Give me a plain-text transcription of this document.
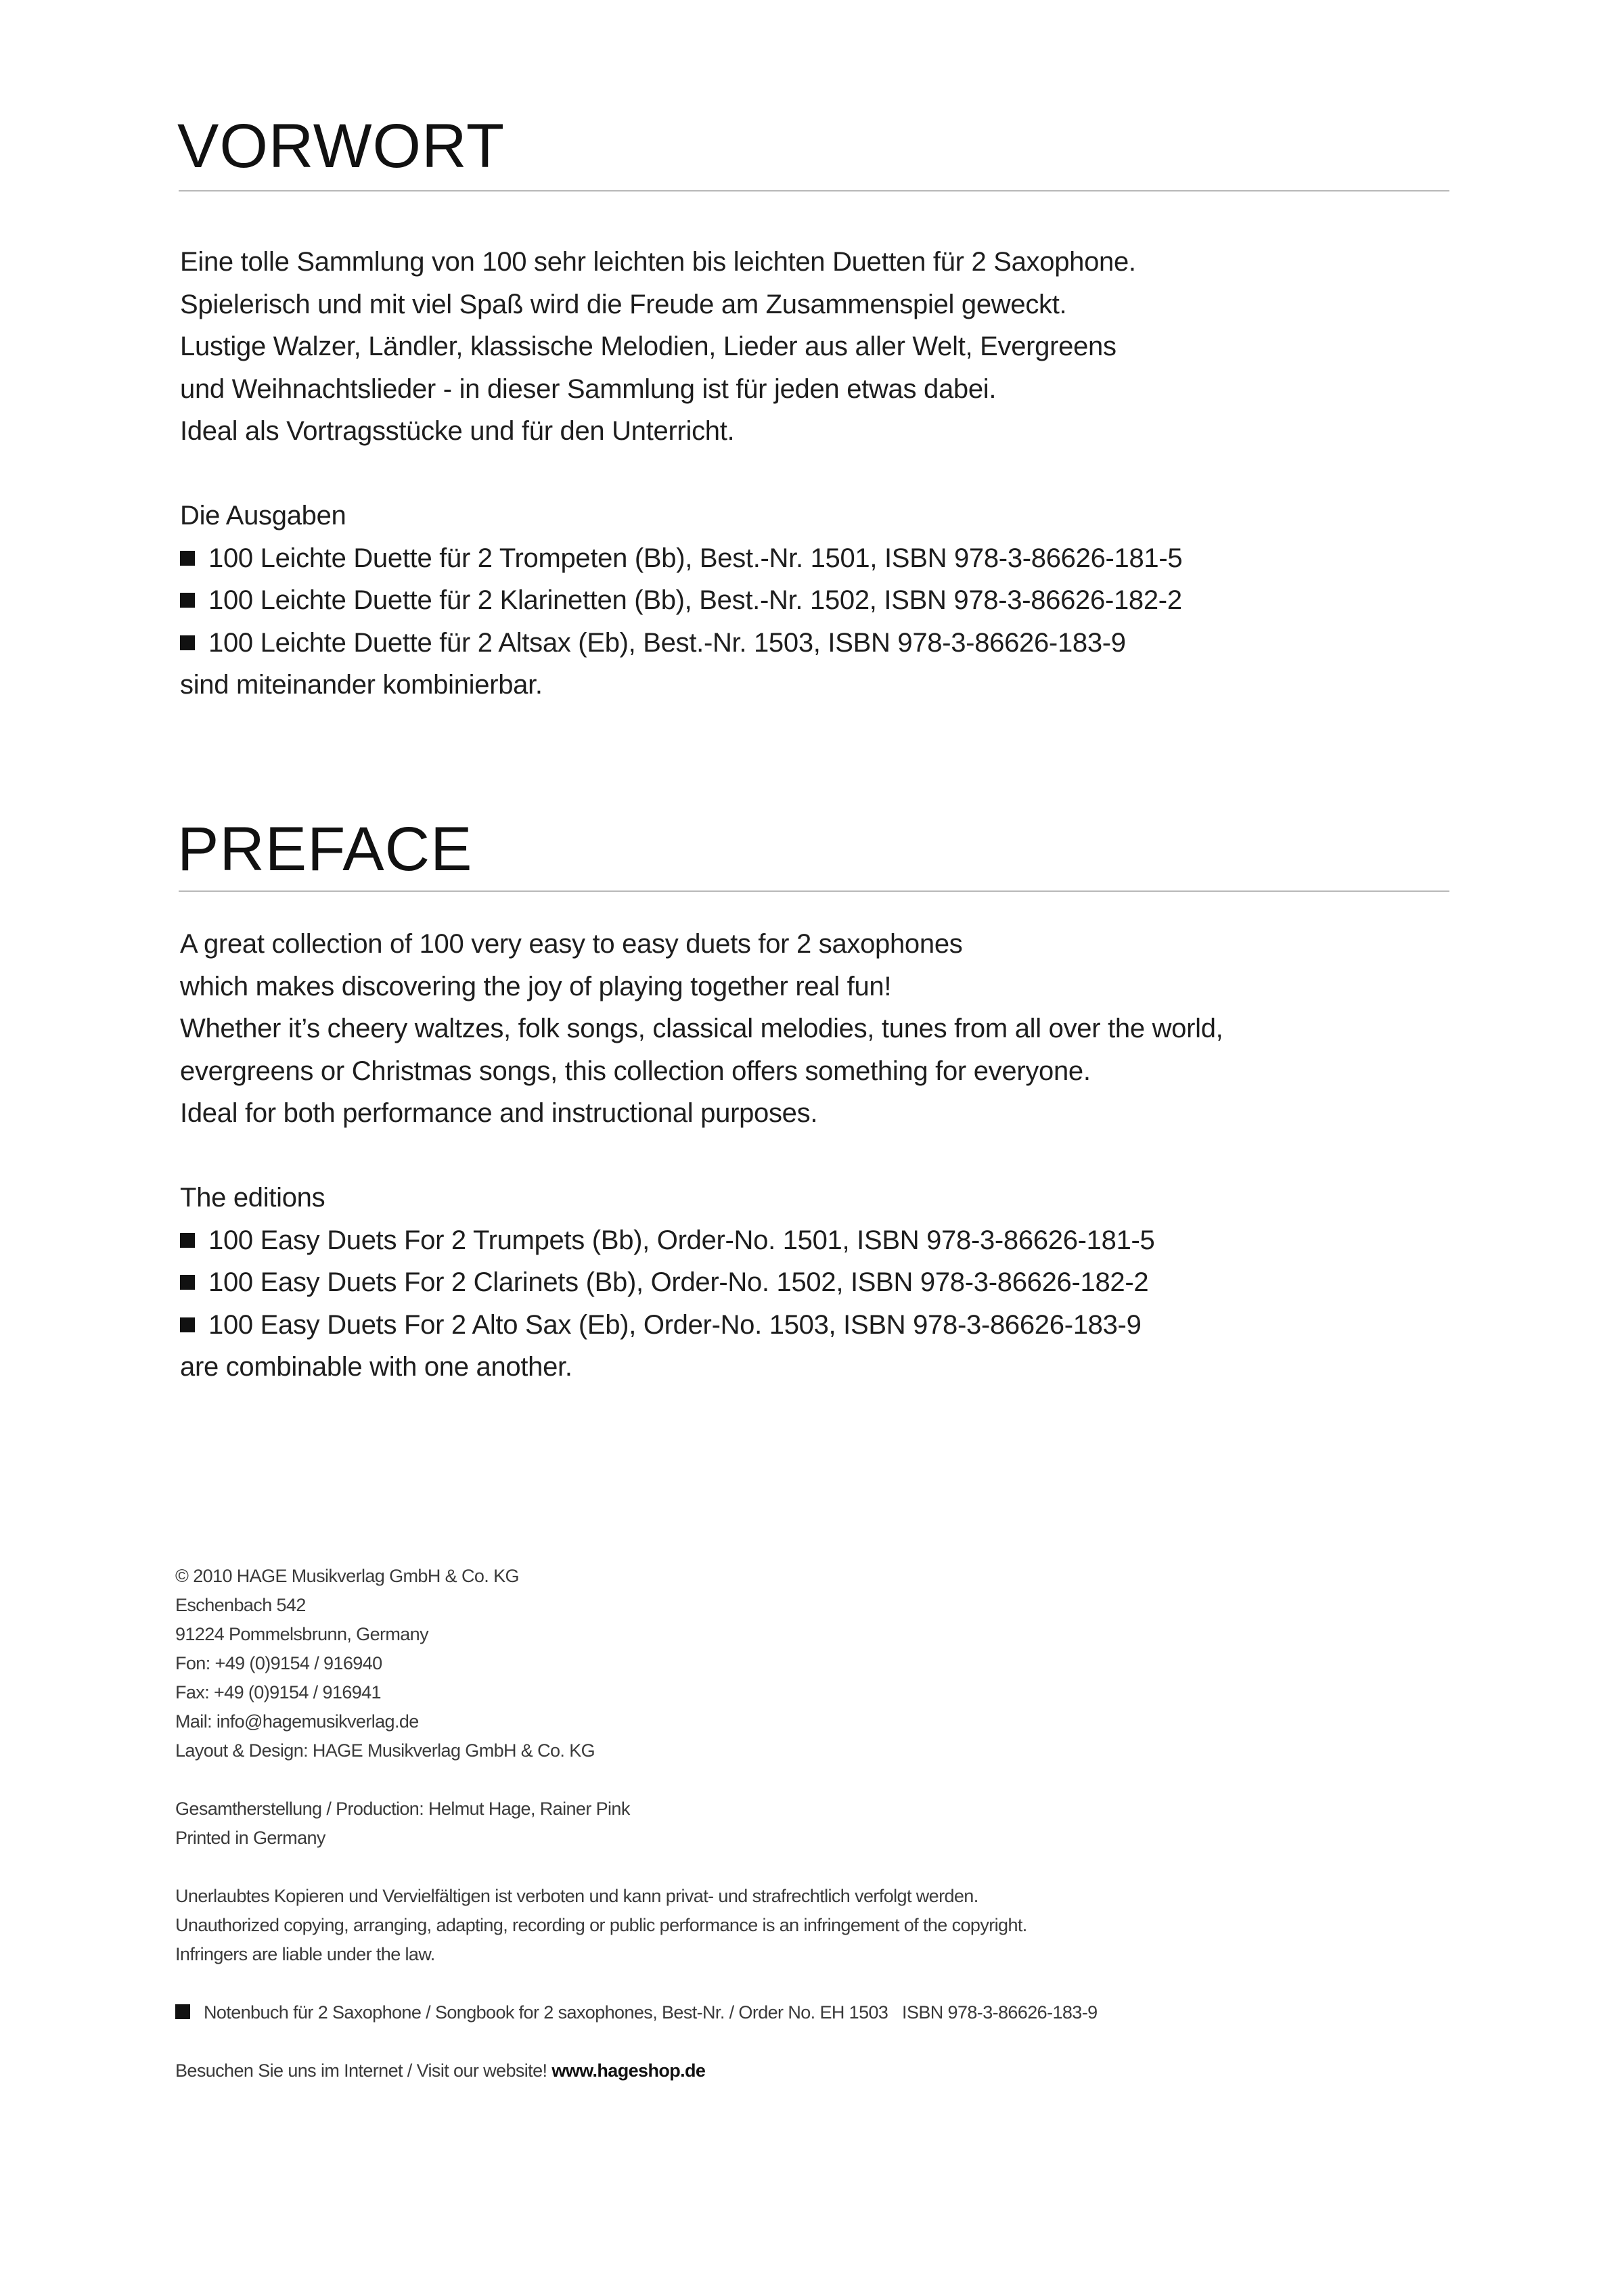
VORWORT
Eine tolle Sammlung von 100 sehr leichten bis leichten Duetten für 2 Saxophone.
Spielerisch und mit viel Spaß wird die Freude am Zusammenspiel geweckt.
Lustige Walzer, Ländler, klassische Melodien, Lieder aus aller Welt, Evergreens
und Weihnachtslieder - in dieser Sammlung ist für jeden etwas dabei.
Ideal als Vortragsstücke und für den Unterricht.
Die Ausgaben
100 Leichte Duette für 2 Trompeten (Bb), Best.-Nr. 1501, ISBN 978-3-86626-181-5
100 Leichte Duette für 2 Klarinetten (Bb), Best.-Nr. 1502, ISBN 978-3-86626-182-2
100 Leichte Duette für 2 Altsax (Eb), Best.-Nr. 1503, ISBN 978-3-86626-183-9
sind miteinander kombinierbar.
PREFACE
A great collection of 100 very easy to easy duets for 2 saxophones
which makes discovering the joy of playing together real fun!
Whether it’s cheery waltzes, folk songs, classical melodies, tunes from all over the world,
evergreens or Christmas songs, this collection offers something for everyone.
Ideal for both performance and instructional purposes.
The editions
100 Easy Duets For 2 Trumpets (Bb), Order-No. 1501, ISBN 978-3-86626-181-5
100 Easy Duets For 2 Clarinets (Bb), Order-No. 1502, ISBN 978-3-86626-182-2
100 Easy Duets For 2 Alto Sax (Eb), Order-No. 1503, ISBN 978-3-86626-183-9
are combinable with one another.
© 2010 HAGE Musikverlag GmbH & Co. KG
Eschenbach 542
91224 Pommelsbrunn, Germany
Fon: +49 (0)9154 / 916940
Fax: +49 (0)9154 / 916941
Mail: info@hagemusikverlag.de
Layout & Design: HAGE Musikverlag GmbH & Co. KG
Gesamtherstellung / Production: Helmut Hage, Rainer Pink
Printed in Germany
Unerlaubtes Kopieren und Vervielfältigen ist verboten und kann privat- und strafrechtlich verfolgt werden.
Unauthorized copying, arranging, adapting, recording or public performance is an infringement of the copyright.
Infringers are liable under the law.
Notenbuch für 2 Saxophone / Songbook for 2 saxophones, Best-Nr. / Order No. EH 1503   ISBN 978-3-86626-183-9
Besuchen Sie uns im Internet / Visit our website! www.hageshop.de
